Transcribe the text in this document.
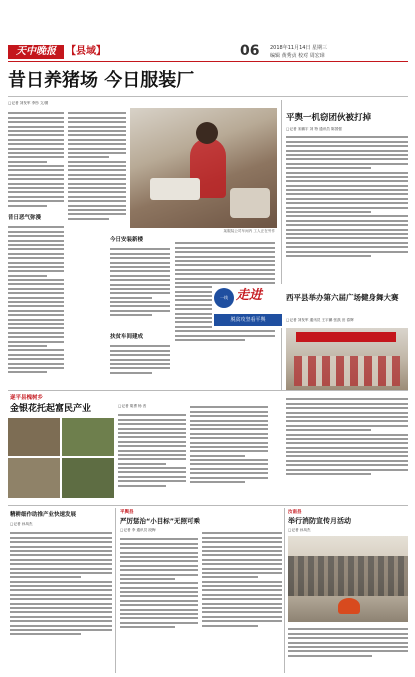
天中晚报	【县域】	06	2018年11月14日 星期三
编辑 黄秀贞 校对 周宏璋
昔日养猪场 今日服装厂
□记者 刘发军 李彤 文/图
昔日恶气弥漫
某服装公司车间内 工人正在劳作
今日安装新楼
扶贫车间建成
平舆一机窃团伙被打掉
□记者 宋鹏宇 刘 特 通讯员 陈国强
一线 走进
脱贫攻坚看平舆
西平县举办第六届广场健身舞大赛
□记者 刘发军 通讯员 王宇鹏 张凯 田 春辉
遂平县槐树乡
金银花托起富民产业	□记者 胡勇 杨 晋
精耕细作助推产业快速发展
□记者 孙凤杰
平舆县
严厉惩治“小目标”无照可乘
□记者 李 通讯员 段梅
汝南县
举行消防宣传月活动
□记者 孙凤杰
